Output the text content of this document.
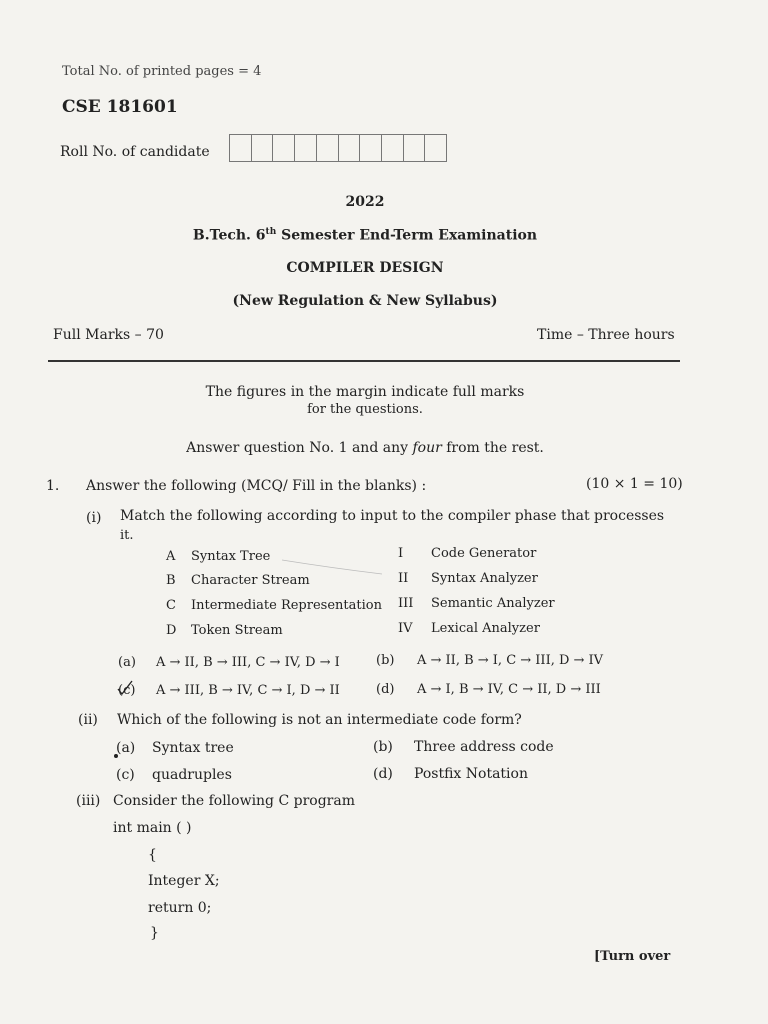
Total No. of printed pages = 4
CSE 181601
Roll No. of candidate
2022
B.Tech. 6th Semester End-Term Examination
COMPILER DESIGN
(New Regulation & New Syllabus)
Full Marks – 70	Time – Three hours
The figures in the margin indicate full marks
for the questions.
Answer question No. 1 and any four from the rest.
1. Answer the following (MCQ/ Fill in the blanks) :	(10 × 1 = 10)
(i) Match the following according to input to the compiler phase that processes
it.
A Syntax Tree	I Code Generator
B Character Stream	II Syntax Analyzer
C Intermediate Representation III Semantic Analyzer
D Token Stream	IV Lexical Analyzer
(a) A → II, B → III, C → IV, D → I	(b) A → II, B → I, C → III, D → IV
(c) A → III, B → IV, C → I, D → II	(d) A → I, B → IV, C → II, D → III
(ii) Which of the following is not an intermediate code form?
(a) Syntax tree	(b) Three address code
(c) quadruples	(d) Postfix Notation
(iii) Consider the following C program
int main ( )
{
Integer X;
return 0;
}
[Turn over
